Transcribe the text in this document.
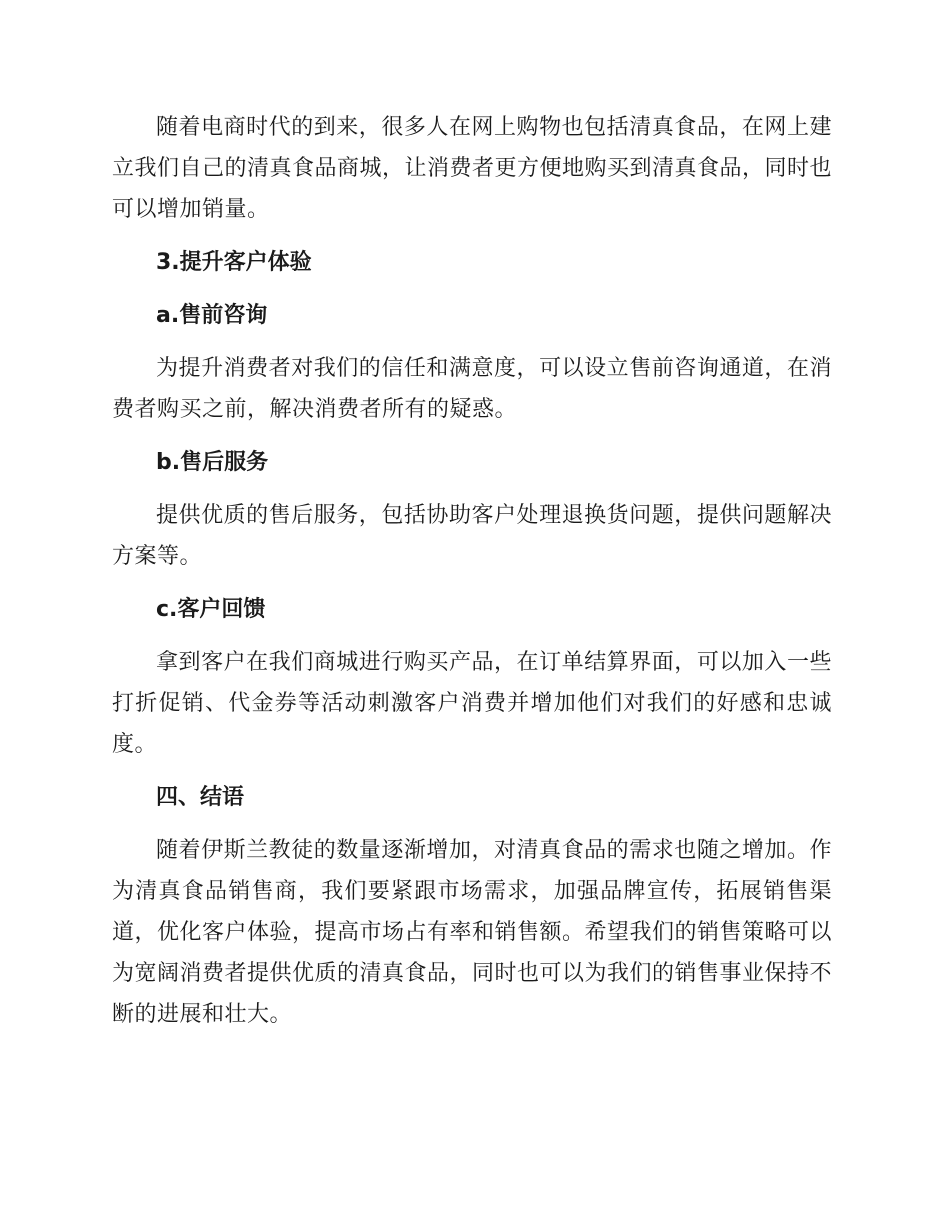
随着电商时代的到来，很多人在网上购物也包括清真食品，在网上建立我们自己的清真食品商城，让消费者更方便地购买到清真食品，同时也可以增加销量。

3.提升客户体验
a.售前咨询

为提升消费者对我们的信任和满意度，可以设立售前咨询通道，在消费者购买之前，解决消费者所有的疑惑。

b.售后服务

提供优质的售后服务，包括协助客户处理退换货问题，提供问题解决方案等。

c.客户回馈

拿到客户在我们商城进行购买产品，在订单结算界面，可以加入一些打折促销、代金券等活动刺激客户消费并增加他们对我们的好感和忠诚度。

四、结语

随着伊斯兰教徒的数量逐渐增加，对清真食品的需求也随之增加。作为清真食品销售商，我们要紧跟市场需求，加强品牌宣传，拓展销售渠道，优化客户体验，提高市场占有率和销售额。希望我们的销售策略可以为宽阔消费者提供优质的清真食品，同时也可以为我们的销售事业保持不断的进展和壮大。
